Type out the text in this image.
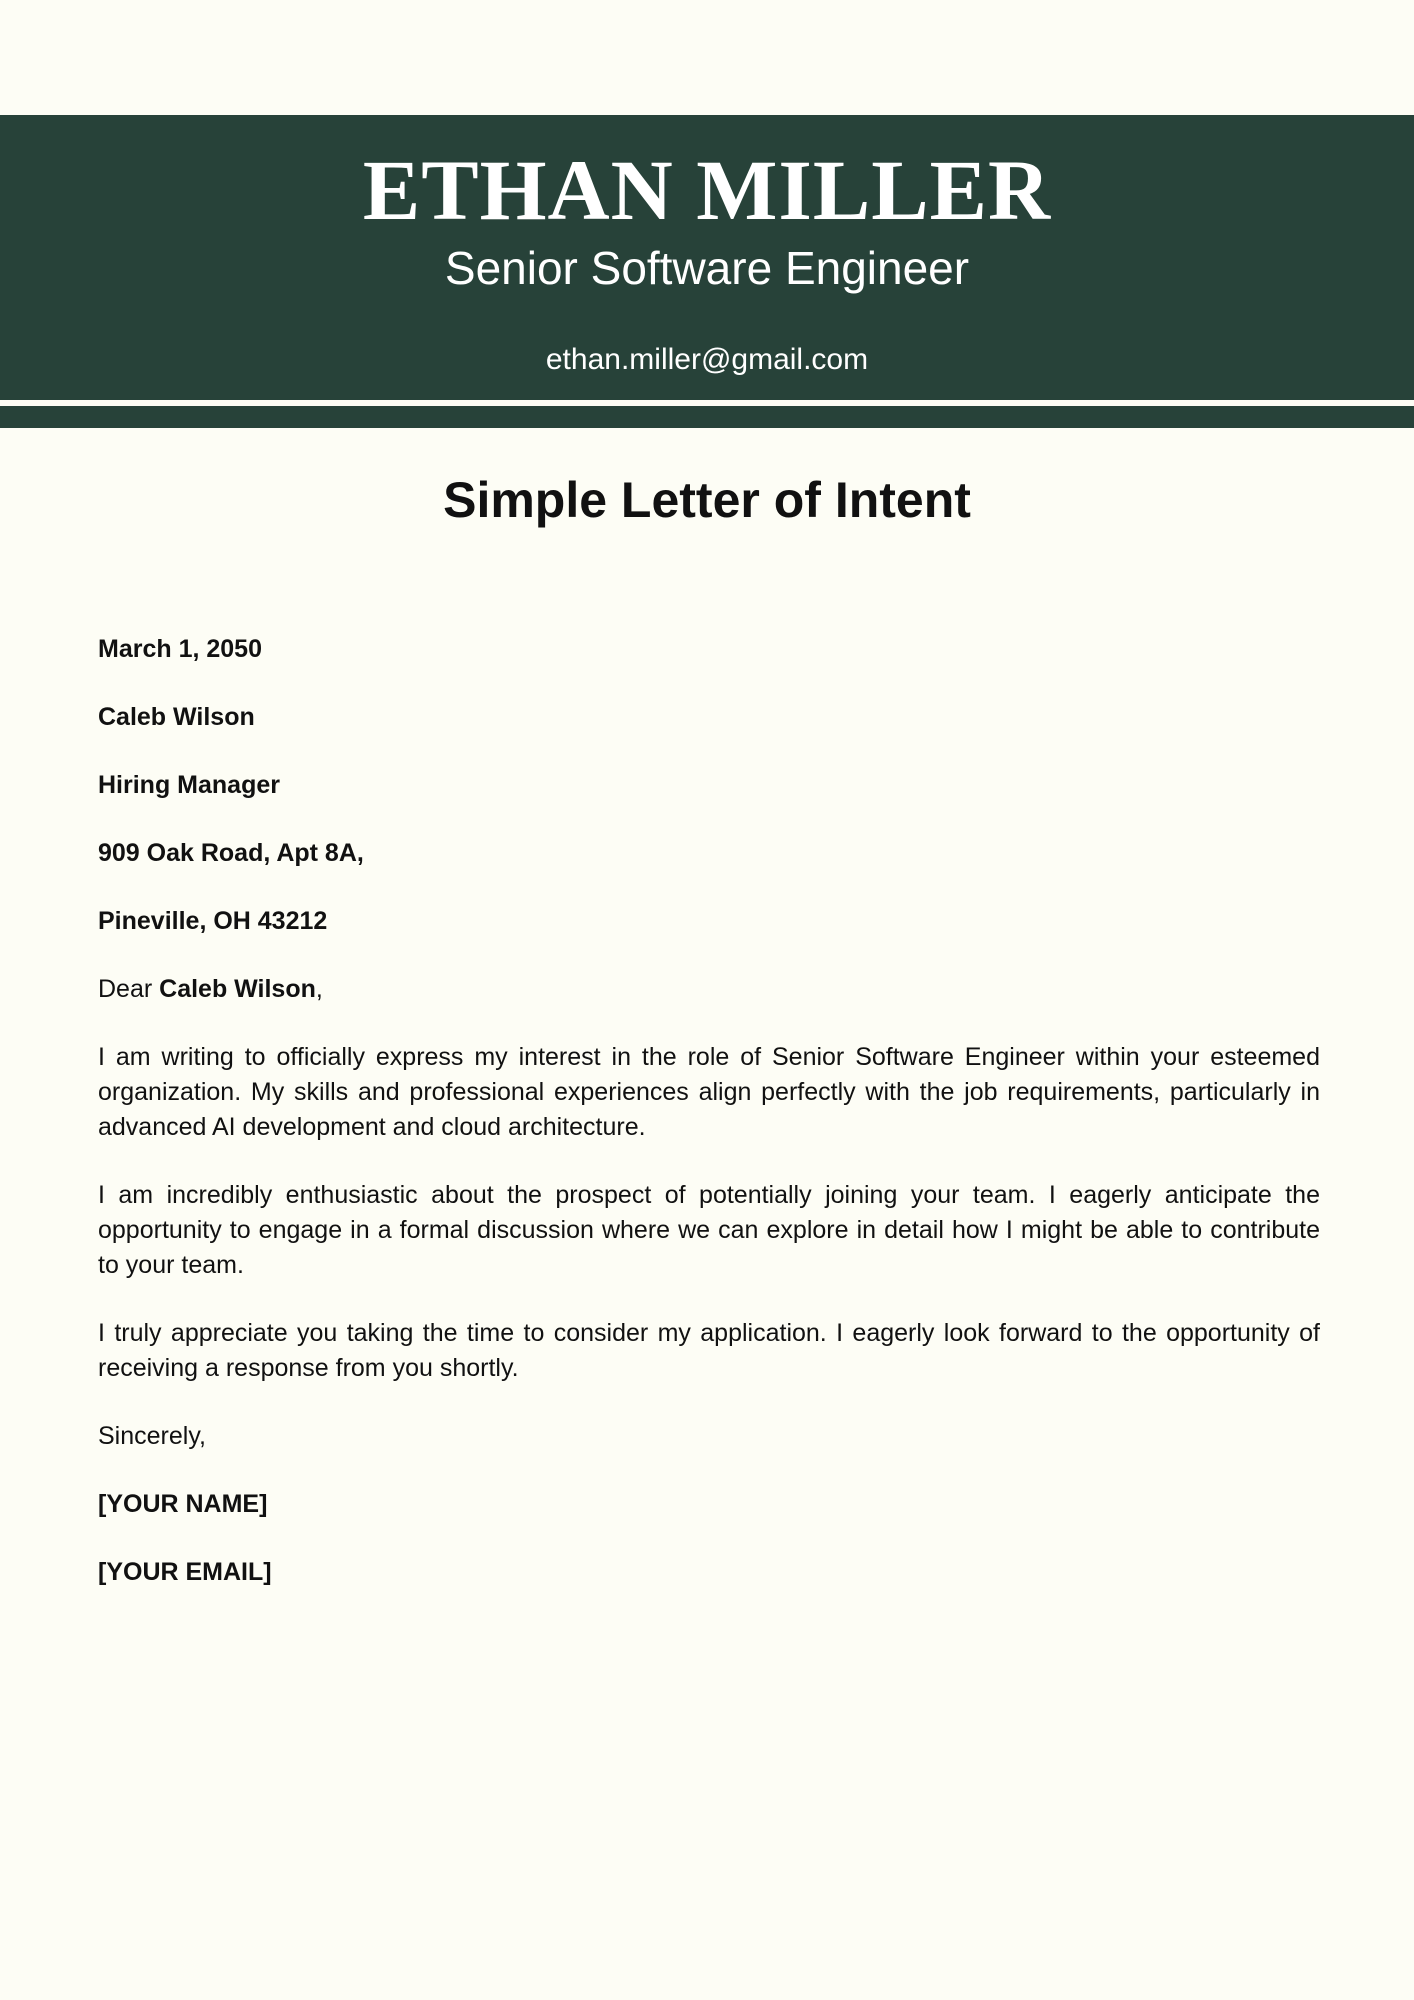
ETHAN MILLER
Senior Software Engineer
ethan.miller@gmail.com
Simple Letter of Intent

March 1, 2050

Caleb Wilson

Hiring Manager

909 Oak Road, Apt 8A,

Pineville, OH 43212

Dear Caleb Wilson,

I am writing to officially express my interest in the role of Senior Software Engineer within your esteemed organization. My skills and professional experiences align perfectly with the job requirements, particularly in advanced AI development and cloud architecture.

I am incredibly enthusiastic about the prospect of potentially joining your team. I eagerly anticipate the opportunity to engage in a formal discussion where we can explore in detail how I might be able to contribute to your team.

I truly appreciate you taking the time to consider my application. I eagerly look forward to the opportunity of receiving a response from you shortly.

Sincerely,

[YOUR NAME]

[YOUR EMAIL]
